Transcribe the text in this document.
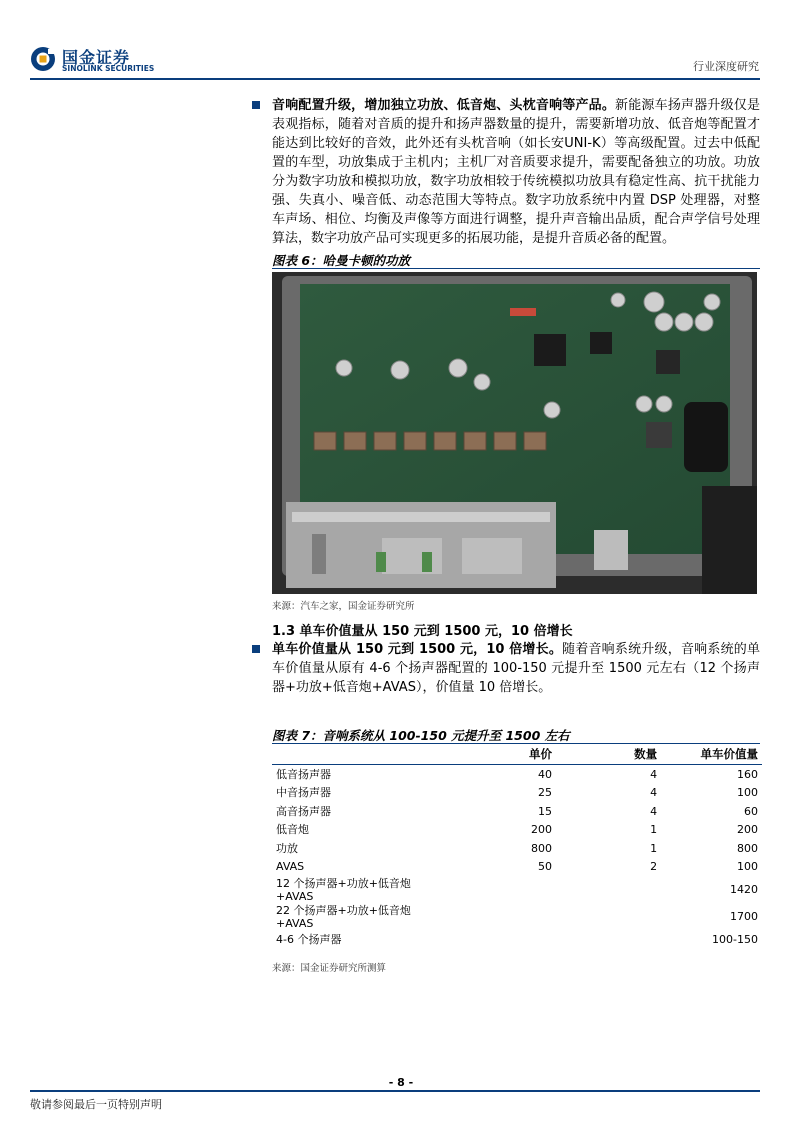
国金证券
SINOLINK SECURITIES	行业深度研究
音响配置升级，增加独立功放、低音炮、头枕音响等产品。新能源车扬声器升级仅是表观指标，随着对音质的提升和扬声器数量的提升，需要新增功放、低音炮等配置才能达到比较好的音效，此外还有头枕音响（如长安UNI-K）等高级配置。过去中低配置的车型，功放集成于主机内；主机厂对音质要求提升，需要配备独立的功放。功放分为数字功放和模拟功放，数字功放相较于传统模拟功放具有稳定性高、抗干扰能力强、失真小、噪音低、动态范围大等特点。数字功放系统中内置 DSP 处理器，对整车声场、相位、均衡及声像等方面进行调整，提升声音输出品质，配合声学信号处理算法，数字功放产品可实现更多的拓展功能，是提升音质必备的配置。
图表 6：哈曼卡顿的功放
来源：汽车之家，国金证券研究所
1.3 单车价值量从 150 元到 1500 元，10 倍增长
单车价值量从 150 元到 1500 元，10 倍增长。随着音响系统升级，音响系统的单车价值量从原有 4-6 个扬声器配置的 100-150 元提升至 1500 元左右（12 个扬声器+功放+低音炮+AVAS），价值量 10 倍增长。
图表 7：音响系统从 100-150 元提升至 1500 左右
	单价	数量	单车价值量
低音扬声器	40	4	160
中音扬声器	25	4	100
高音扬声器	15	4	60
低音炮	200	1	200
功放	800	1	800
AVAS	50	2	100
12 个扬声器+功放+低音炮+AVAS			1420
22 个扬声器+功放+低音炮+AVAS			1700
4-6 个扬声器			100-150
来源：国金证券研究所测算
- 8 -
敬请参阅最后一页特别声明
